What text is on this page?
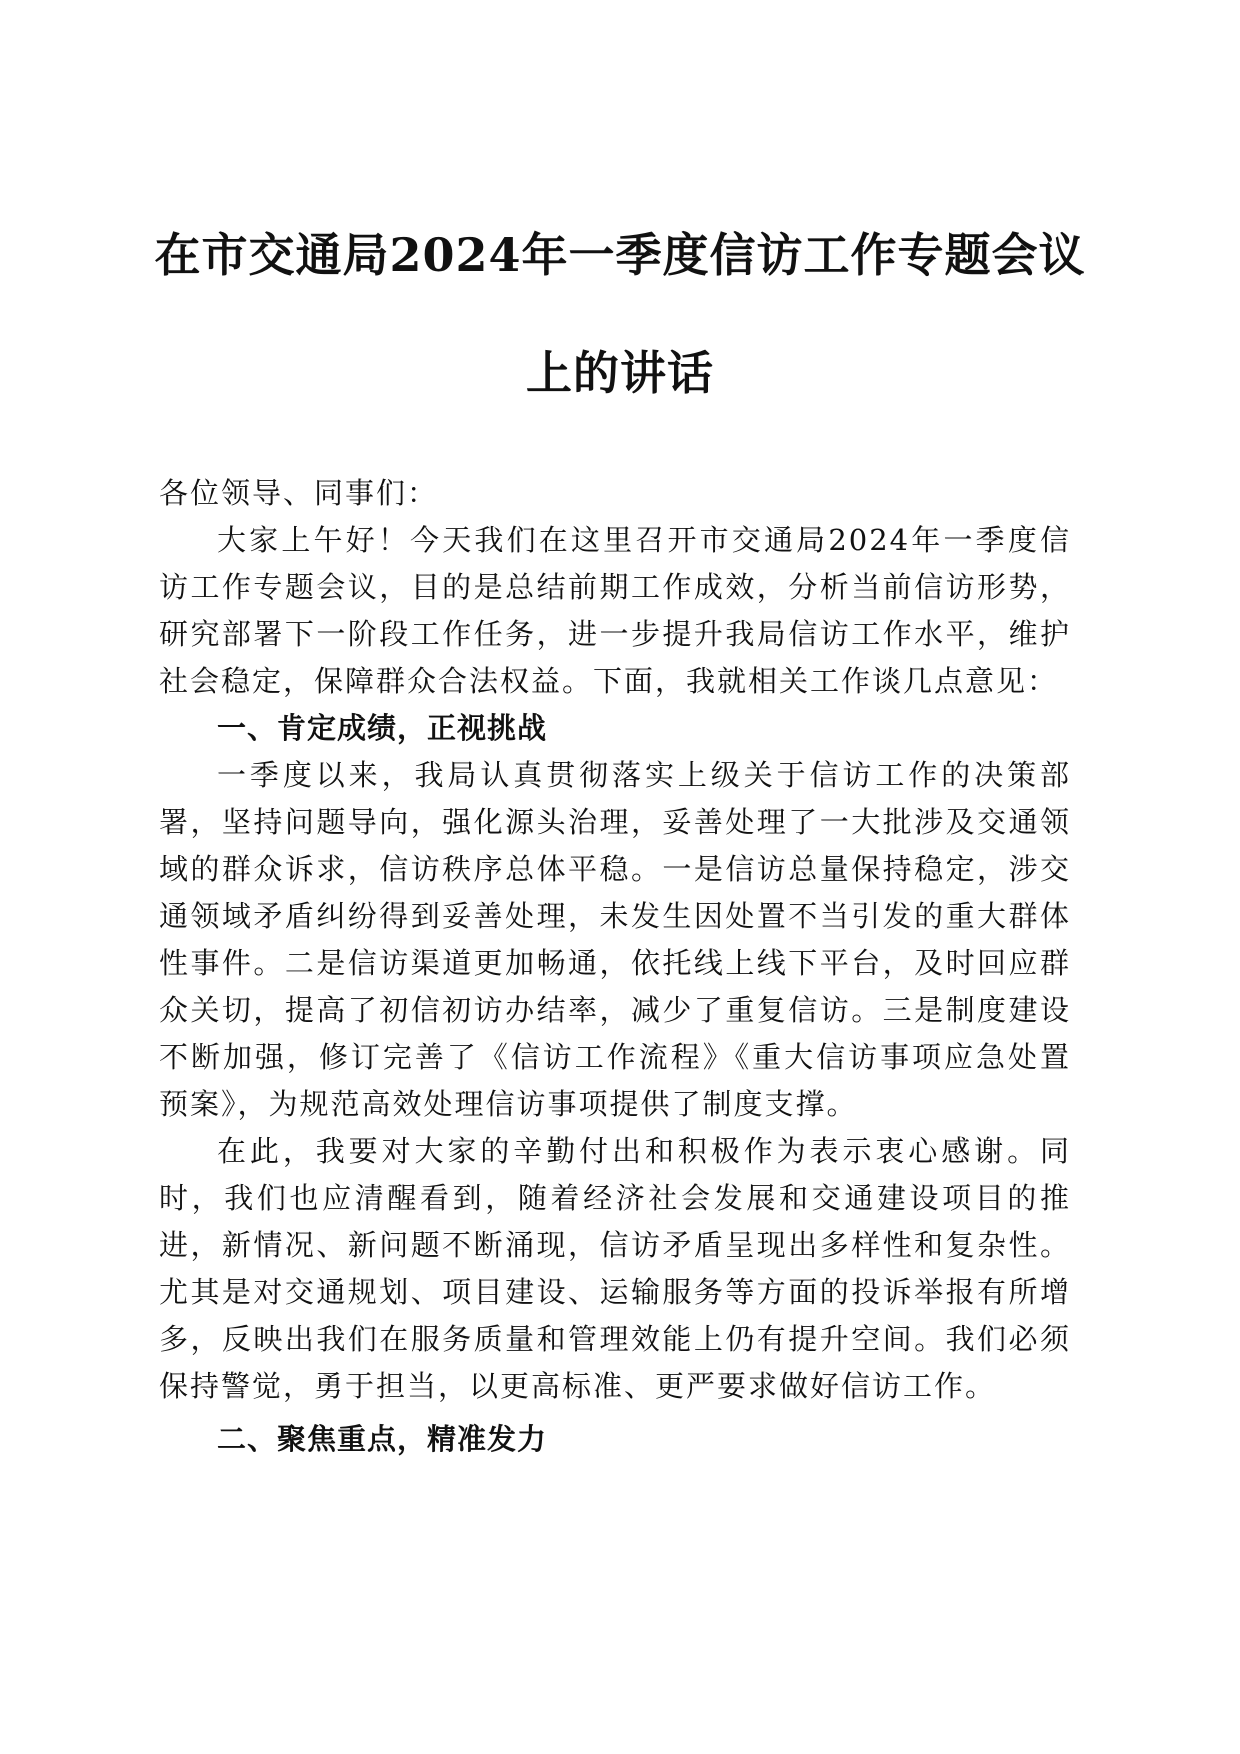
在市交通局2024年一季度信访工作专题会议
上的讲话

各位领导、同事们：

大家上午好！今天我们在这里召开市交通局2024年一季度信访工作专题会议，目的是总结前期工作成效，分析当前信访形势，研究部署下一阶段工作任务，进一步提升我局信访工作水平，维护社会稳定，保障群众合法权益。下面，我就相关工作谈几点意见：

一、肯定成绩，正视挑战

一季度以来，我局认真贯彻落实上级关于信访工作的决策部署，坚持问题导向，强化源头治理，妥善处理了一大批涉及交通领域的群众诉求，信访秩序总体平稳。一是信访总量保持稳定，涉交通领域矛盾纠纷得到妥善处理，未发生因处置不当引发的重大群体性事件。二是信访渠道更加畅通，依托线上线下平台，及时回应群众关切，提高了初信初访办结率，减少了重复信访。三是制度建设不断加强，修订完善了《信访工作流程》《重大信访事项应急处置预案》，为规范高效处理信访事项提供了制度支撑。

在此，我要对大家的辛勤付出和积极作为表示衷心感谢。同时，我们也应清醒看到，随着经济社会发展和交通建设项目的推进，新情况、新问题不断涌现，信访矛盾呈现出多样性和复杂性。尤其是对交通规划、项目建设、运输服务等方面的投诉举报有所增多，反映出我们在服务质量和管理效能上仍有提升空间。我们必须保持警觉，勇于担当，以更高标准、更严要求做好信访工作。

二、聚焦重点，精准发力
